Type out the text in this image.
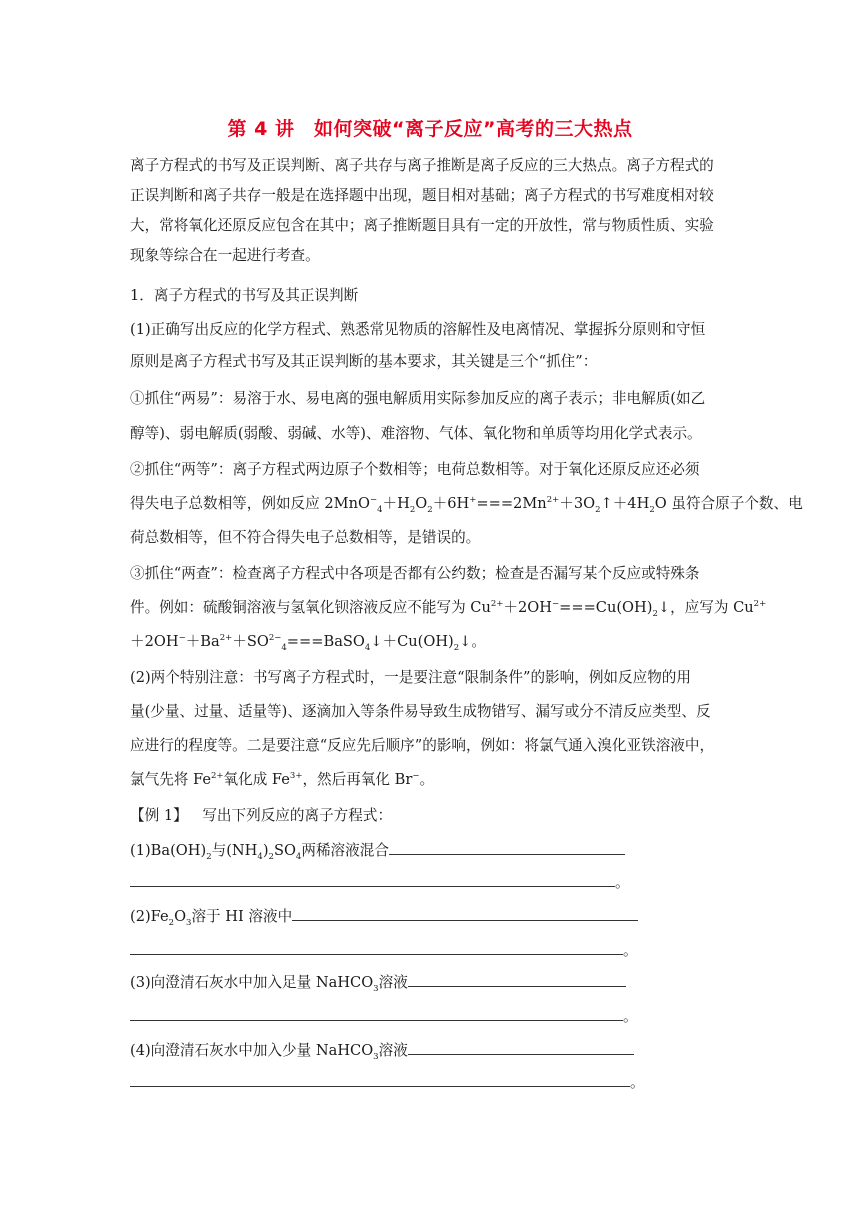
第 4 讲　如何突破“离子反应”高考的三大热点
离子方程式的书写及正误判断、离子共存与离子推断是离子反应的三大热点。离子方程式的
正误判断和离子共存一般是在选择题中出现，题目相对基础；离子方程式的书写难度相对较
大，常将氧化还原反应包含在其中；离子推断题目具有一定的开放性，常与物质性质、实验
现象等综合在一起进行考查。
1．离子方程式的书写及其正误判断
(1)正确写出反应的化学方程式、熟悉常见物质的溶解性及电离情况、掌握拆分原则和守恒
原则是离子方程式书写及其正误判断的基本要求，其关键是三个“抓住”：
①抓住“两易”：易溶于水、易电离的强电解质用实际参加反应的离子表示；非电解质(如乙
醇等)、弱电解质(弱酸、弱碱、水等)、难溶物、气体、氧化物和单质等均用化学式表示。
②抓住“两等”：离子方程式两边原子个数相等；电荷总数相等。对于氧化还原反应还必须
得失电子总数相等，例如反应 $2MnO^-_4+H_2O_2+6H^+===2Mn^{2+}+3O_2↑+4H_2O$ 虽符合原子个数、电
荷总数相等，但不符合得失电子总数相等，是错误的。
③抓住“两查”：检查离子方程式中各项是否都有公约数；检查是否漏写某个反应或特殊条
件。例如：硫酸铜溶液与氢氧化钡溶液反应不能写为 $Cu^{2+}+2OH^-===Cu(OH)_2↓$，应写为 $Cu^{2+}$
$+2OH^-+Ba^{2+}+SO^{2-}_4===BaSO_4↓+Cu(OH)_2↓$。
(2)两个特别注意：书写离子方程式时，一是要注意“限制条件”的影响，例如反应物的用
量(少量、过量、适量等)、逐滴加入等条件易导致生成物错写、漏写或分不清反应类型、反
应进行的程度等。二是要注意“反应先后顺序”的影响，例如：将氯气通入溴化亚铁溶液中，
氯气先将 $Fe^{2+}$氧化成 $Fe^{3+}$，然后再氧化 Br−。
【例 1】　写出下列反应的离子方程式：
$(1)Ba(OH)_2$与$(NH_4)_2SO_4$两稀溶液混合
。
$(2)Fe_2O_3$溶于 HI 溶液中
。
(3)向澄清石灰水中加入足量 NaHCO$_3$溶液
。
(4)向澄清石灰水中加入少量 NaHCO$_3$溶液
。
